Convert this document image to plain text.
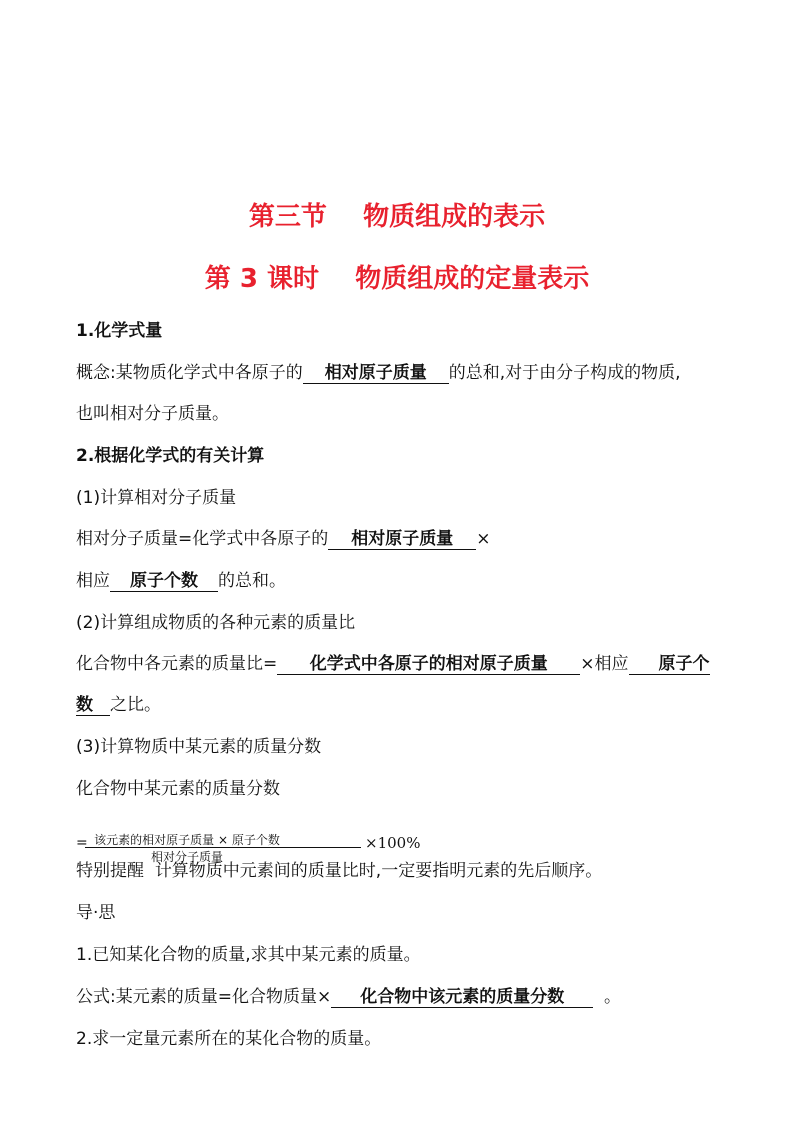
第三节    物质组成的表示
第 3 课时    物质组成的定量表示
1.化学式量
概念:某物质化学式中各原子的 相对原子质量 的总和,对于由分子构成的物质,
也叫相对分子质量。
2.根据化学式的有关计算
(1)计算相对分子质量
相对分子质量=化学式中各原子的 相对原子质量 ×
相应 原子个数 的总和。
(2)计算组成物质的各种元素的质量比
化合物中各元素的质量比= 化学式中各原子的相对原子质量 ×相应 原子个
数 之比。
(3)计算物质中某元素的质量分数
化合物中某元素的质量分数
= 该元素的相对原子质量 × 原子个数
相对分子质量
×100%
特别提醒 计算物质中元素间的质量比时,一定要指明元素的先后顺序。
导·思
1.已知某化合物的质量,求其中某元素的质量。
公式:某元素的质量=化合物质量× 化合物中该元素的质量分数 。
2.求一定量元素所在的某化合物的质量。
